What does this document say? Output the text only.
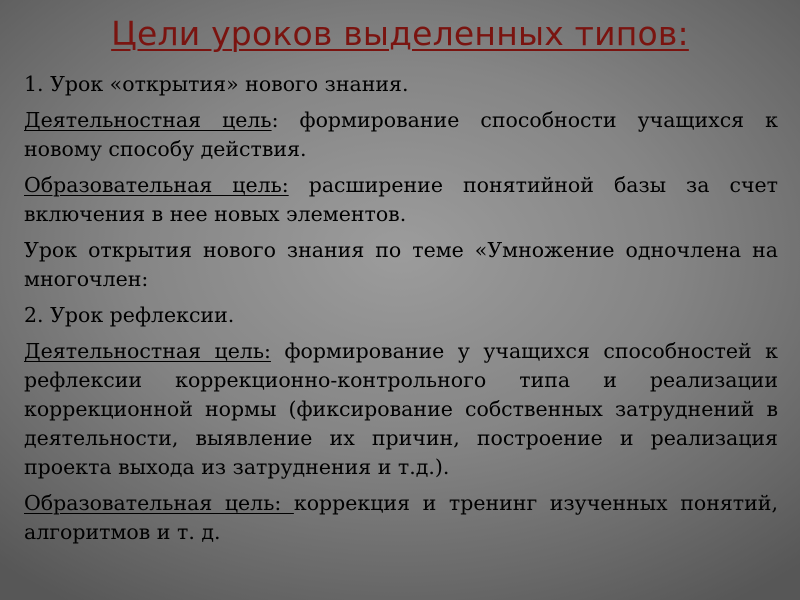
Цели уроков выделенных типов:

1. Урок «открытия» нового знания.

Деятельностная цель: формирование способности учащихся к новому способу действия.

Образовательная цель: расширение понятийной базы за счет включения в нее новых элементов.

Урок открытия нового знания по теме «Умножение одночлена на многочлен:

2. Урок рефлексии.

Деятельностная цель: формирование у учащихся способностей к рефлексии коррекционно-контрольного типа и реализации коррекционной нормы (фиксирование собственных затруднений в деятельности, выявление их причин, построение и реализация проекта выхода из затруднения и т.д.).

Образовательная цель: коррекция и тренинг изученных понятий, алгоритмов и т. д.
